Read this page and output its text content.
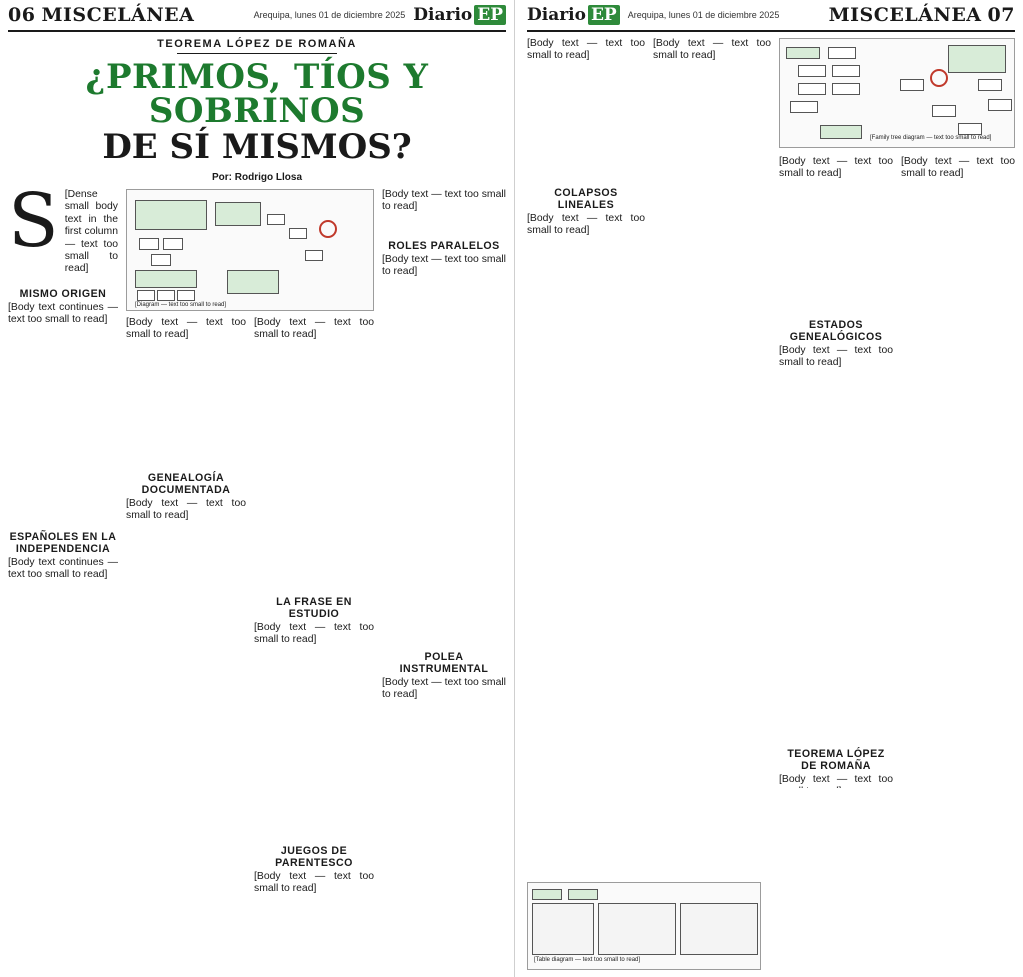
06 MISCELÁNEA	Arequipa, lunes 01 de diciembre 2025 Diario EP
TEOREMA LÓPEZ DE ROMAÑA
¿PRIMOS, TÍOS Y SOBRINOS
DE SÍ MISMOS?
Por: Rodrigo Llosa
S [Dense small body text in the first column — text too small to read]

MISMO ORIGEN

[Body text continues — text too small to read]

ESPAÑOLES EN LA INDEPENDENCIA

[Body text continues — text too small to read]

[Diagram — text too small to read]

[Body text — text too small to read]

GENEALOGÍA DOCUMENTADA

[Body text — text too small to read]

[Body text — text too small to read]

LA FRASE EN ESTUDIO

[Body text — text too small to read]

JUEGOS DE PARENTESCO

[Body text — text too small to read]

[Body text — text too small to read]

ROLES PARALELOS

[Body text — text too small to read]

POLEA INSTRUMENTAL

[Body text — text too small to read]

Diario EP	Arequipa, lunes 01 de diciembre 2025	MISCELÁNEA 07

[Body text — text too small to read]

COLAPSOS LINEALES

[Body text — text too small to read]

[Body text — text too small to read]

[Family tree diagram — text too small to read]

[Body text — text too small to read]

ESTADOS GENEALÓGICOS

[Body text — text too small to read]

TEOREMA LÓPEZ DE ROMAÑA

[Body text — text too

[Body text — text too small to read]

[Table diagram — text too small to read]
